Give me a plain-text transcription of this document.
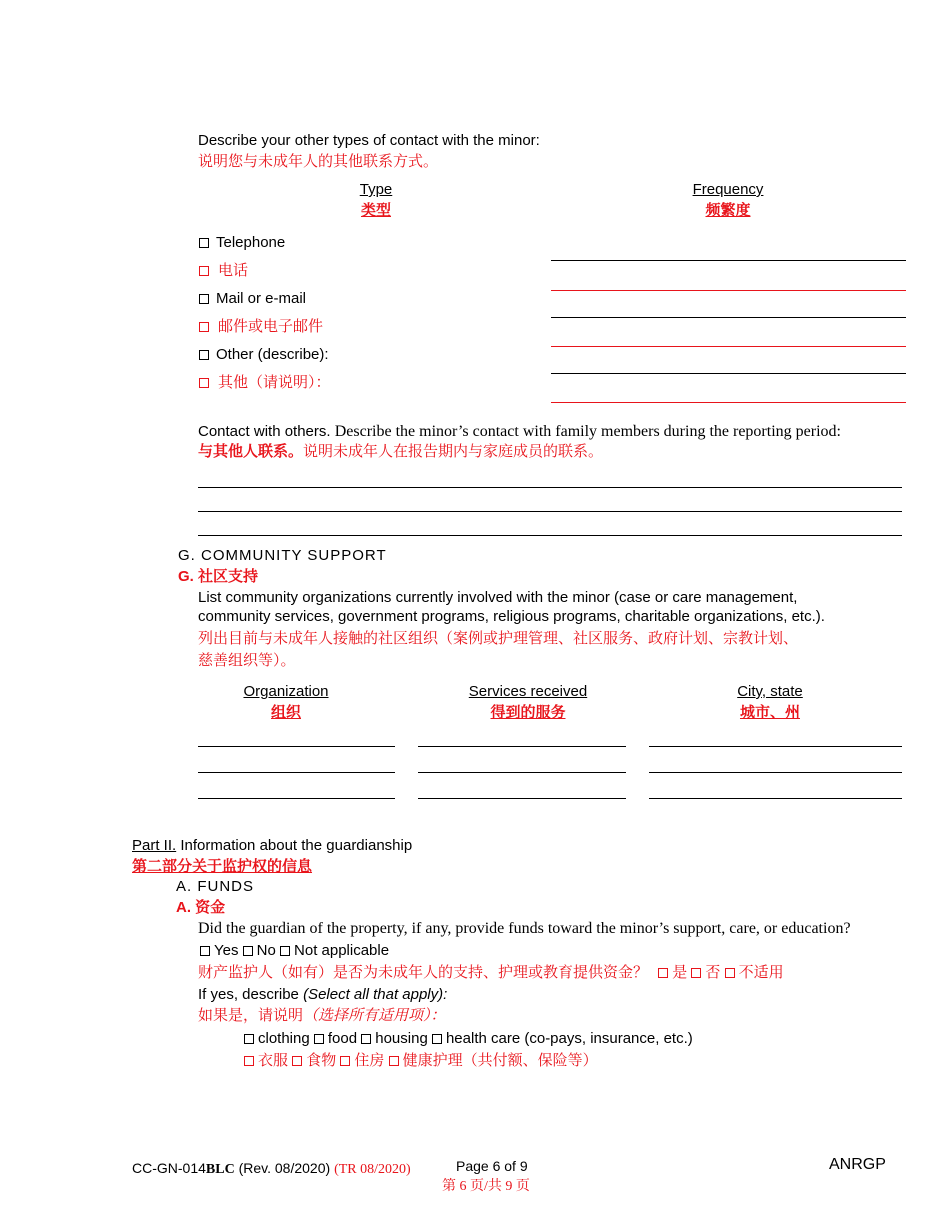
Describe your other types of contact with the minor:
说明您与未成年人的其他联系方式。
Type
类型
Frequency
频繁度
Telephone
电话
Mail or e-mail
邮件或电子邮件
Other (describe):
其他（请说明）：
Contact with others. Describe the minor’s contact with family members during the reporting period:
与其他人联系。说明未成年人在报告期内与家庭成员的联系。
G. COMMUNITY SUPPORT
G. 社区支持
List community organizations currently involved with the minor (case or care management,
community services, government programs, religious programs, charitable organizations, etc.).
列出目前与未成年人接触的社区组织（案例或护理管理、社区服务、政府计划、宗教计划、
慈善组织等）。
Organization
组织
Services received
得到的服务
City, state
城市、州
Part II. Information about the guardianship
第二部分关于监护权的信息
A. FUNDS
A. 资金
Did the guardian of the property, if any, provide funds toward the minor’s support, care, or education?
Yes No Not applicable
财产监护人（如有）是否为未成年人的支持、护理或教育提供资金？ 是 否 不适用
If yes, describe (Select all that apply):
如果是，请说明（选择所有适用项）：
clothing food housing health care (co-pays, insurance, etc.)
衣服 食物 住房 健康护理（共付额、保险等）
CC-GN-014BLC (Rev. 08/2020) (TR 08/2020)	Page 6 of 9
第 6 页/共 9 页
ANRGP
